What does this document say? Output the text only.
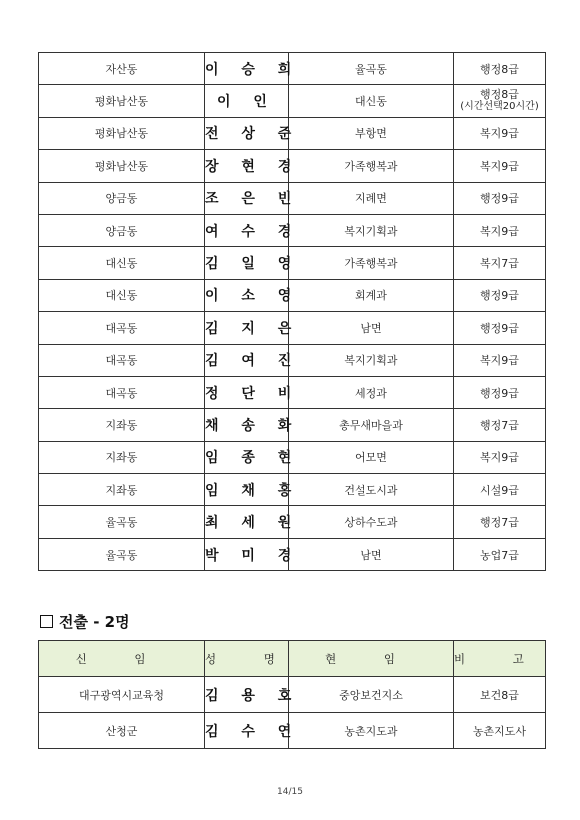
자산동	이 승 희	율곡동	행정8급
평화남산동	이 인	대신동	행정8급
(시간선택20시간)

평화남산동	전 상 준	부항면	복지9급
평화남산동	장 현 경	가족행복과	복지9급
양금동	조 은 빈	지례면	행정9급
양금동	여 수 경	복지기획과	복지9급
대신동	김 일 영	가족행복과	복지7급
대신동	이 소 영	회계과	행정9급
대곡동	김 지 은	남면	행정9급
대곡동	김 여 진	복지기획과	복지9급
대곡동	정 단 비	세정과	행정9급
지좌동	채 송 화	총무새마을과	행정7급
지좌동	임 종 현	어모면	복지9급
지좌동	임 채 홍	건설도시과	시설9급
율곡동	최 세 원	상하수도과	행정7급
율곡동	박 미 경	남면	농업7급
전출 - 2명
신 임	성 명	현 임	비 고
대구광역시교육청	김 용 호	중앙보건지소	보건8급
산청군	김 수 연	농촌지도과	농촌지도사
14/15
